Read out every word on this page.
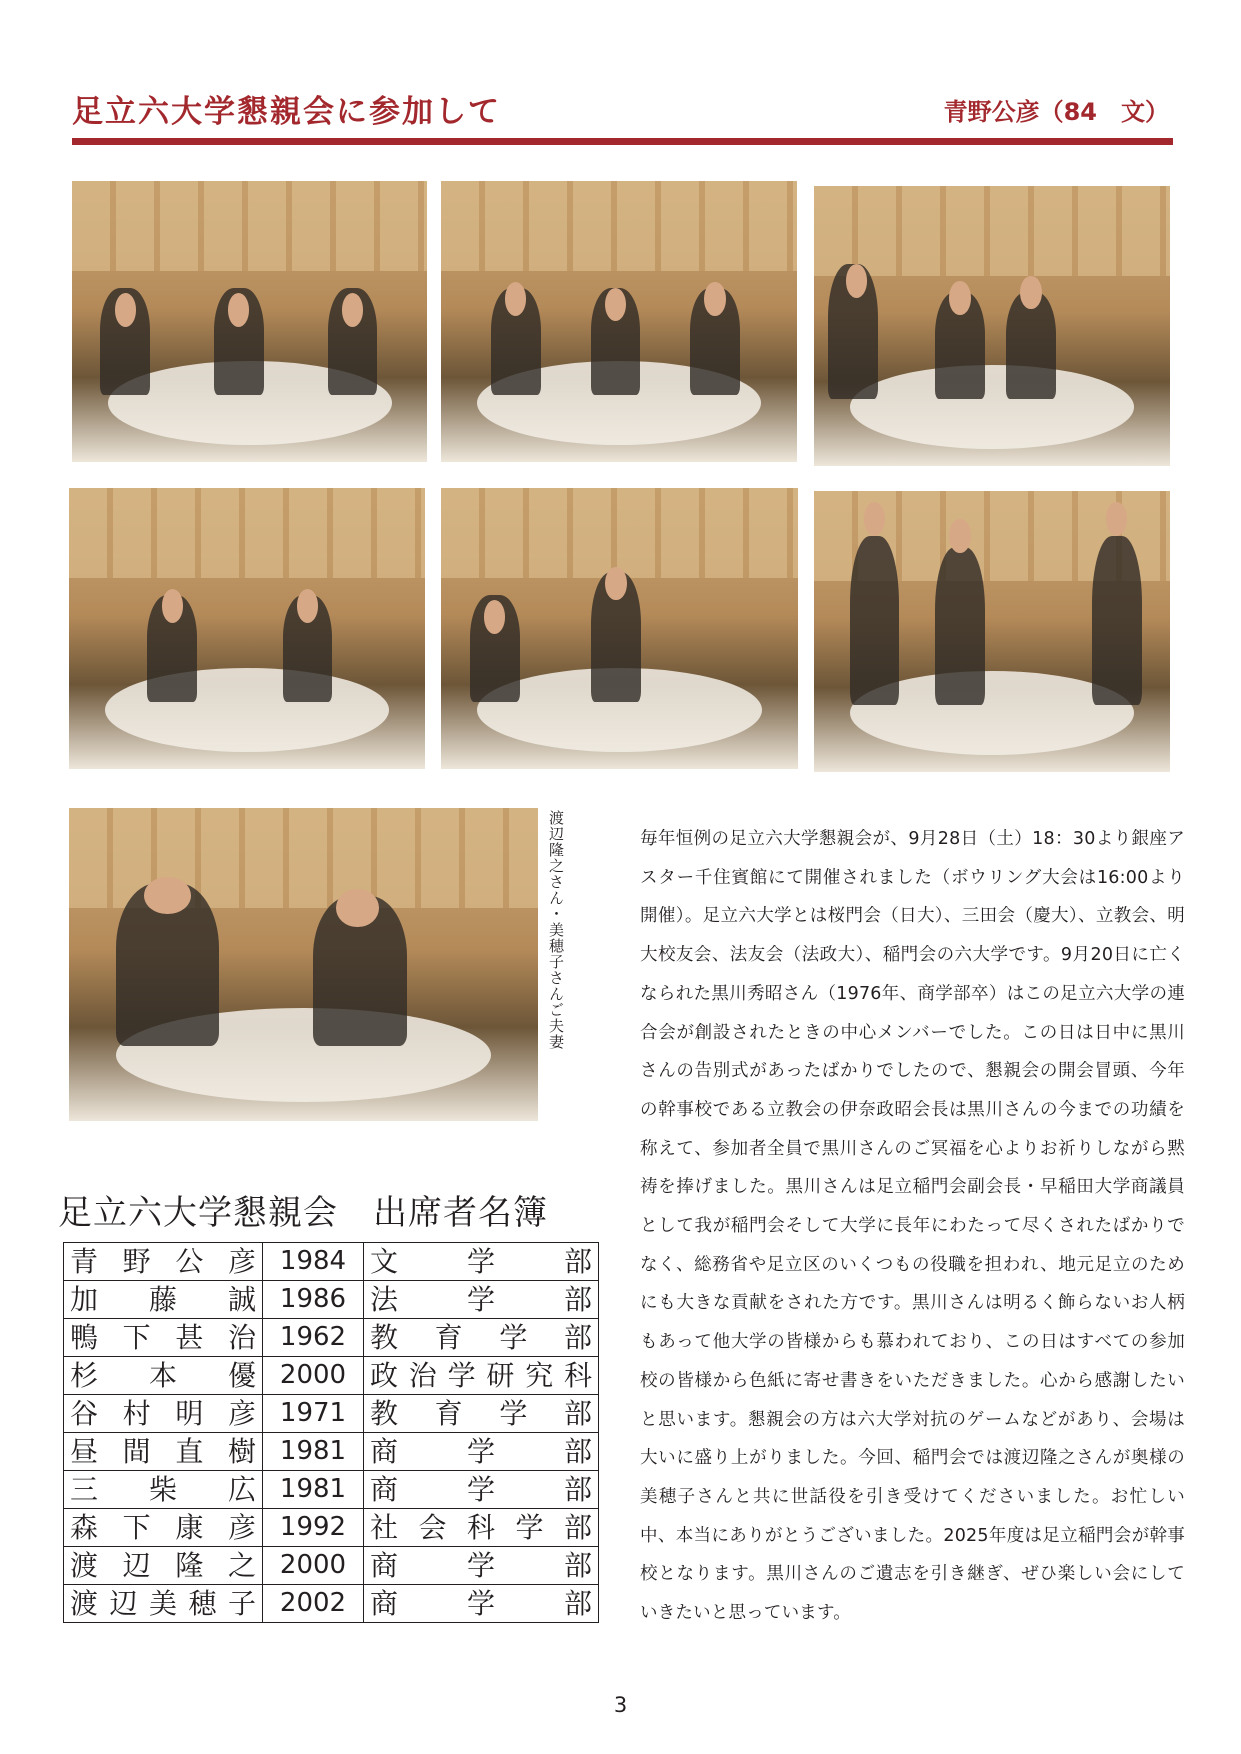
足立六大学懇親会に参加して	青野公彦（84　文）

渡辺隆之さん・美穂子さんご夫妻

足立六大学懇親会　出席者名簿
青野公彦	1984	文学部
加藤誠	1986	法学部
鴨下甚治	1962	教育学部
杉本優	2000	政治学研究科
谷村明彦	1971	教育学部
昼間直樹	1981	商学部
三柴広	1981	商学部
森下康彦	1992	社会科学部
渡辺隆之	2000	商学部
渡辺美穂子	2002	商学部

毎年恒例の足立六大学懇親会が、9月28日（土）18：30より銀座アスター千住賓館にて開催されました（ボウリング大会は16:00より開催）。足立六大学とは桜門会（日大）、三田会（慶大）、立教会、明大校友会、法友会（法政大）、稲門会の六大学です。9月20日に亡くなられた黒川秀昭さん（1976年、商学部卒）はこの足立六大学の連合会が創設されたときの中心メンバーでした。この日は日中に黒川さんの告別式があったばかりでしたので、懇親会の開会冒頭、今年の幹事校である立教会の伊奈政昭会長は黒川さんの今までの功績を称えて、参加者全員で黒川さんのご冥福を心よりお祈りしながら黙祷を捧げました。黒川さんは足立稲門会副会長・早稲田大学商議員として我が稲門会そして大学に長年にわたって尽くされたばかりでなく、総務省や足立区のいくつもの役職を担われ、地元足立のためにも大きな貢献をされた方です。黒川さんは明るく飾らないお人柄もあって他大学の皆様からも慕われており、この日はすべての参加校の皆様から色紙に寄せ書きをいただきました。心から感謝したいと思います。懇親会の方は六大学対抗のゲームなどがあり、会場は大いに盛り上がりました。今回、稲門会では渡辺隆之さんが奥様の美穂子さんと共に世話役を引き受けてくださいました。お忙しい中、本当にありがとうございました。2025年度は足立稲門会が幹事校となります。黒川さんのご遺志を引き継ぎ、ぜひ楽しい会にしていきたいと思っています。

3
